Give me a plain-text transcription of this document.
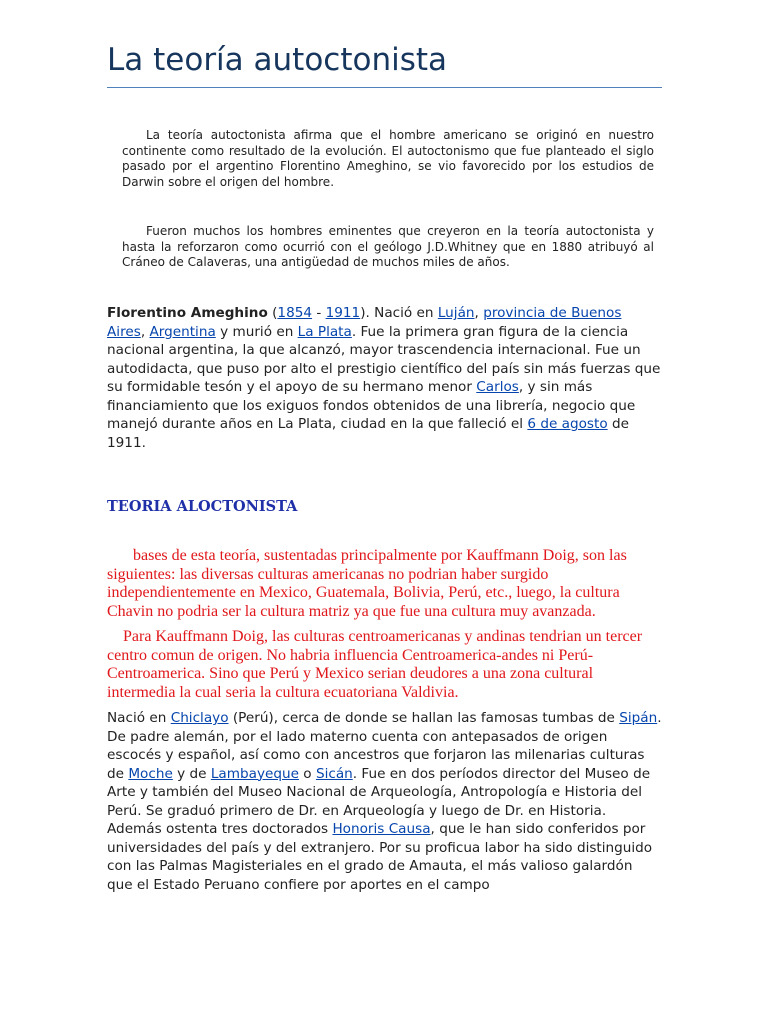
La teoría autoctonista

La teoría autoctonista afirma que el hombre americano se originó en nuestro continente como resultado de la evolución. El autoctonismo que fue planteado el siglo pasado por el argentino Florentino Ameghino, se vio favorecido por los estudios de Darwin sobre el origen del hombre.

Fueron muchos los hombres eminentes que creyeron en la teoría autoctonista y hasta la reforzaron como ocurrió con el geólogo J.D.Whitney que en 1880 atribuyó al Cráneo de Calaveras, una antigüedad de muchos miles de años.

Florentino Ameghino (1854 - 1911). Nació en Luján, provincia de Buenos Aires, Argentina y murió en La Plata. Fue la primera gran figura de la ciencia nacional argentina, la que alcanzó, mayor trascendencia internacional. Fue un autodidacta, que puso por alto el prestigio científico del país sin más fuerzas que su formidable tesón y el apoyo de su hermano menor Carlos, y sin más financiamiento que los exiguos fondos obtenidos de una librería, negocio que manejó durante años en La Plata, ciudad en la que falleció el 6 de agosto de 1911.

TEORIA ALOCTONISTA

bases de esta teoría, sustentadas principalmente por Kauffmann Doig, son las siguientes: las diversas culturas americanas no podrian haber surgido independientemente en Mexico, Guatemala, Bolivia, Perú, etc., luego, la cultura Chavin no podria ser la cultura matriz ya que fue una cultura muy avanzada.

Para Kauffmann Doig, las culturas centroamericanas y andinas tendrian un tercer centro comun de origen. No habria influencia Centroamerica-andes ni Perú-Centroamerica. Sino que Perú y Mexico serian deudores a una zona cultural intermedia la cual seria la cultura ecuatoriana Valdivia.

Nació en Chiclayo (Perú), cerca de donde se hallan las famosas tumbas de Sipán. De padre alemán, por el lado materno cuenta con antepasados de origen escocés y español, así como con ancestros que forjaron las milenarias culturas de Moche y de Lambayeque o Sicán. Fue en dos períodos director del Museo de Arte y también del Museo Nacional de Arqueología, Antropología e Historia del Perú. Se graduó primero de Dr. en Arqueología y luego de Dr. en Historia. Además ostenta tres doctorados Honoris Causa, que le han sido conferidos por universidades del país y del extranjero. Por su proficua labor ha sido distinguido con las Palmas Magisteriales en el grado de Amauta, el más valioso galardón que el Estado Peruano confiere por aportes en el campo
